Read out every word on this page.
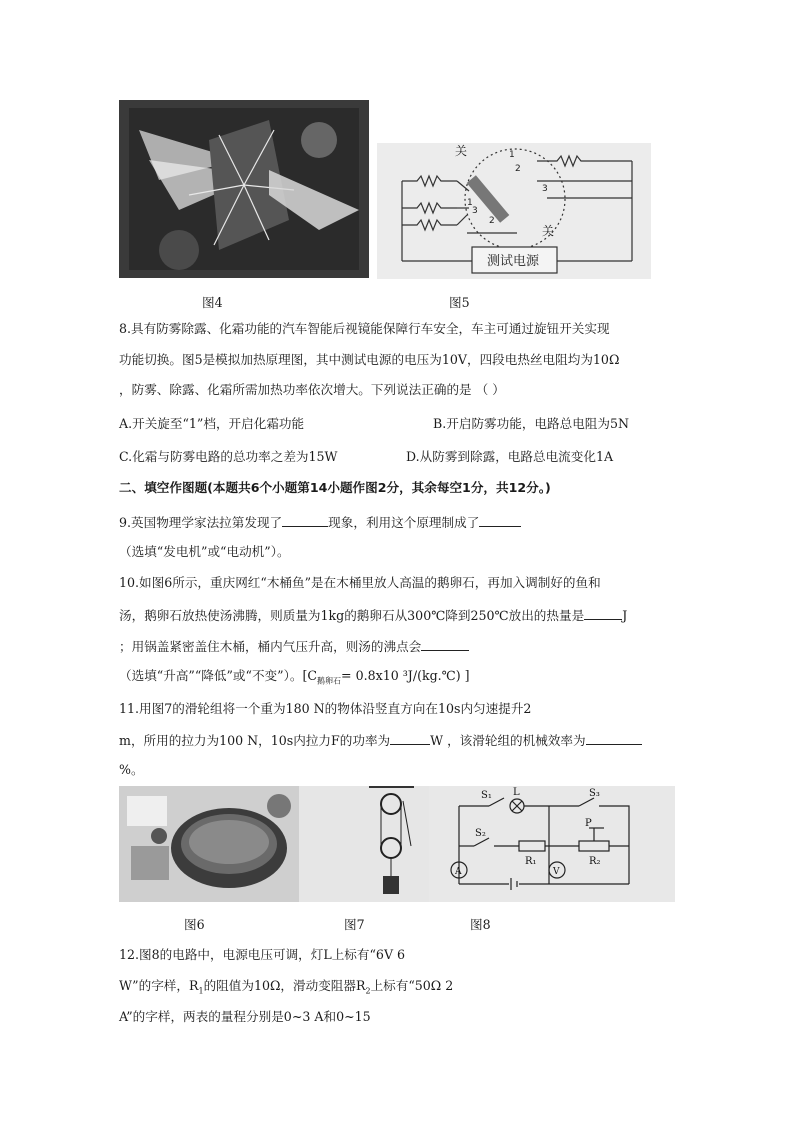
关
关
1
2
3
1
2
3
测试电源
图4	图5
8.具有防雾除露、化霜功能的汽车智能后视镜能保障行车安全，车主可通过旋钮开关实现
功能切换。图5是模拟加热原理图，其中测试电源的电压为10V，四段电热丝电阻均为10Ω
，防雾、除露、化霜所需加热功率依次增大。下列说法正确的是 （ ）
A.开关旋至“1”档，开启化霜功能	B.开启防雾功能，电路总电阻为5N
C.化霜与防雾电路的总功率之差为15W	D.从防雾到除露，电路总电流变化1A
二、填空作图题(本题共6个小题第14小题作图2分，其余每空1分，共12分。)
9.英国物理学家法拉第发现了	现象，利用这个原理制成了
（选填“发电机”或“电动机”）。
10.如图6所示，重庆网红“木桶鱼”是在木桶里放人高温的鹅卵石，再加入调制好的鱼和
汤，鹅卵石放热使汤沸腾，则质量为1kg的鹅卵石从300℃降到250℃放出的热量是	J
；用锅盖紧密盖住木桶，桶内气压升高，则汤的沸点会
（选填“升高”“降低”或“不变”）。[$C_{鹅卵石}= 0.8x10$ ³J/(kg.℃) ]
11.用图7的滑轮组将一个重为180 N的物体沿竖直方向在10s内匀速提升2
m，所用的拉力为100 N，10s内拉力F的功率为	W ，该滑轮组的机械效率为
%。
S₁ L	S₃
S₂
R₁
P
R₂
A	V
图6	图7	图8
12.图8的电路中，电源电压可调，灯L上标有“6V 6
W”的字样，$R_1$的阻值为10Ω，滑动变阻器$R_2$上标有“50Ω 2
A”的字样，两表的量程分别是0~3 A和0~15
